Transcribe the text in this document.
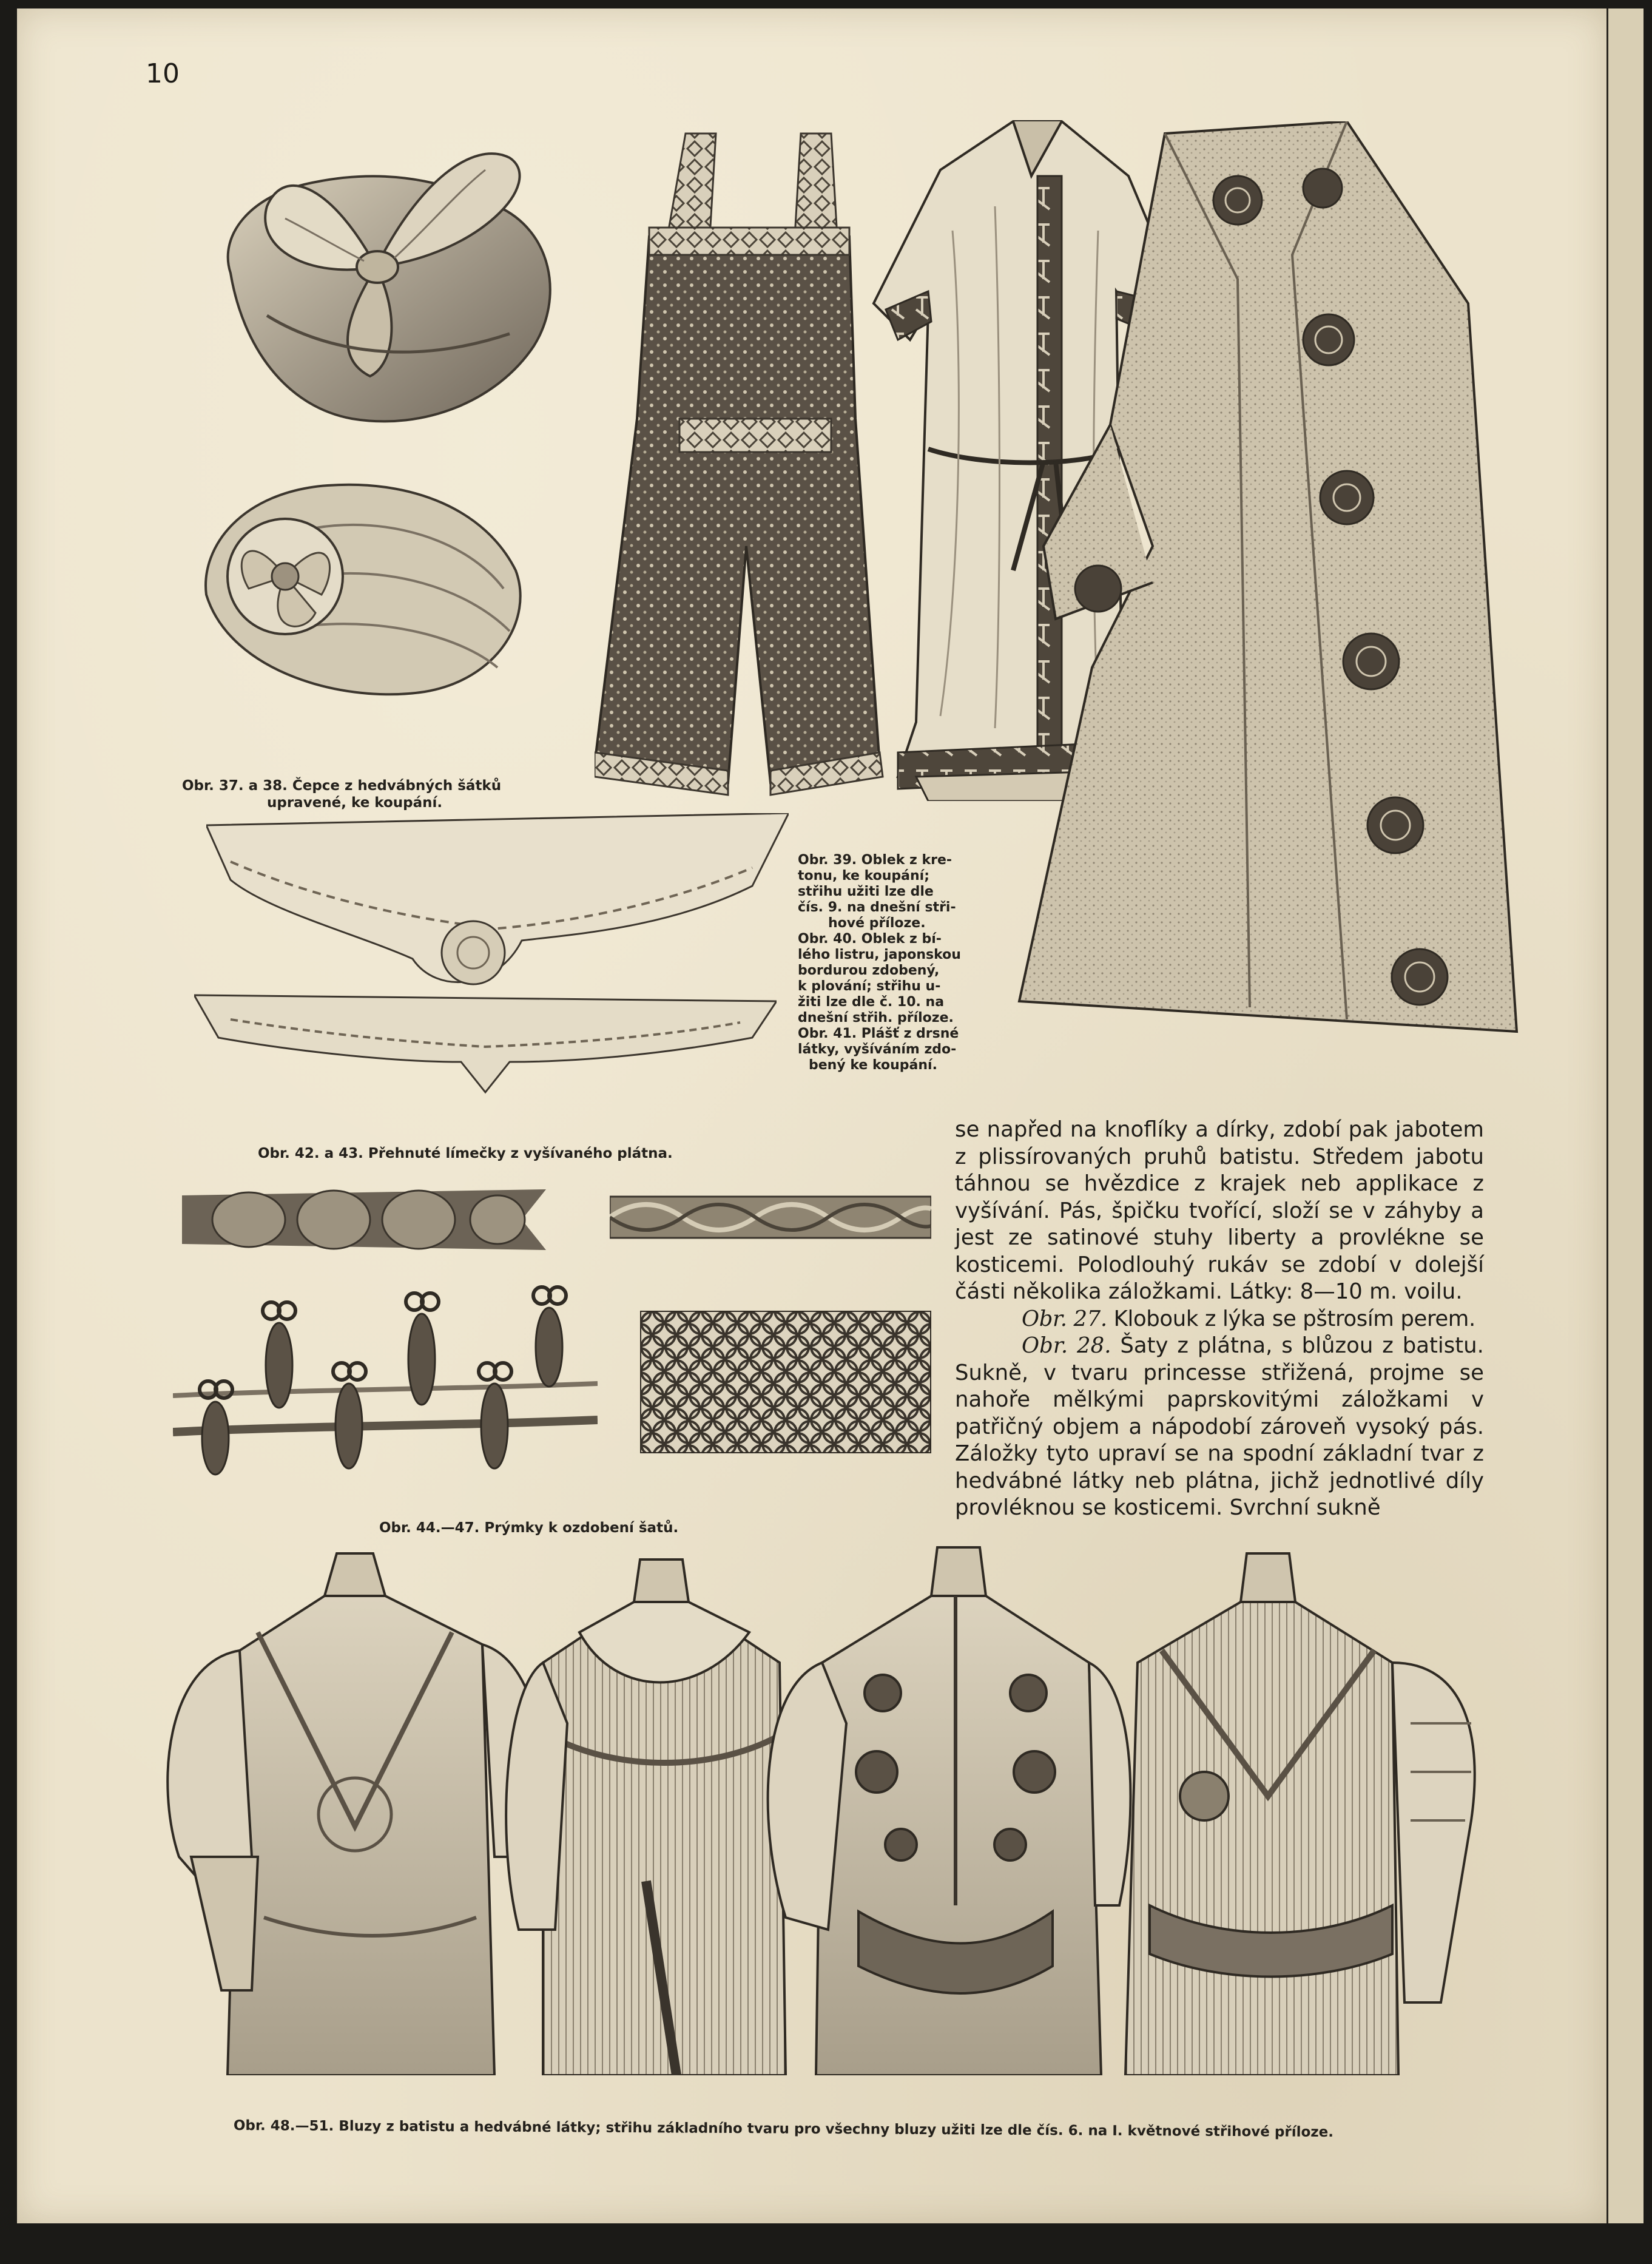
10
Obr. 37. a 38. Čepce z hedvábných šátků
upravené, ke koupání.
Obr. 39. Oblek z kre-
tonu, ke koupání;
střihu užiti lze dle
čís. 9. na dnešní stři-
hové příloze.
Obr. 40. Oblek z bí-
lého listru, japonskou
bordurou zdobený,
k plování; střihu u-
žiti lze dle č. 10. na
dnešní střih. příloze.
Obr. 41. Plášť z drsné
látky, vyšíváním zdo-
bený ke koupání.
Obr. 42. a 43. Přehnuté límečky z vyšívaného plátna.
Obr. 44.—47. Prýmky k ozdobení šatů.

se napřed na knoflíky a dírky, zdobí pak jabotem z plissírovaných pruhů batistu. Středem jabotu táhnou se hvězdice z krajek neb applikace z vyšívání. Pás, špičku tvořící, složí se v záhyby a jest ze satinové stuhy liberty a provlékne se kosticemi. Polodlouhý rukáv se zdobí v dolejší části několika záložkami. Látky: 8—10 m. voilu.

Obr. 27. Klobouk z lýka se pštrosím perem.

Obr. 28. Šaty z plátna, s blůzou z batistu. Sukně, v tvaru princesse střižená, projme se nahoře mělkými paprskovitými záložkami v patřičný objem a nápodobí zároveň vysoký pás. Záložky tyto upraví se na spodní základní tvar z hedvábné látky neb plátna, jichž jednotlivé díly provléknou se kosticemi. Svrchní sukně

Obr. 48.—51. Bluzy z batistu a hedvábné látky; střihu základního tvaru pro všechny bluzy užiti lze dle čís. 6. na I. květnové střihové příloze.
